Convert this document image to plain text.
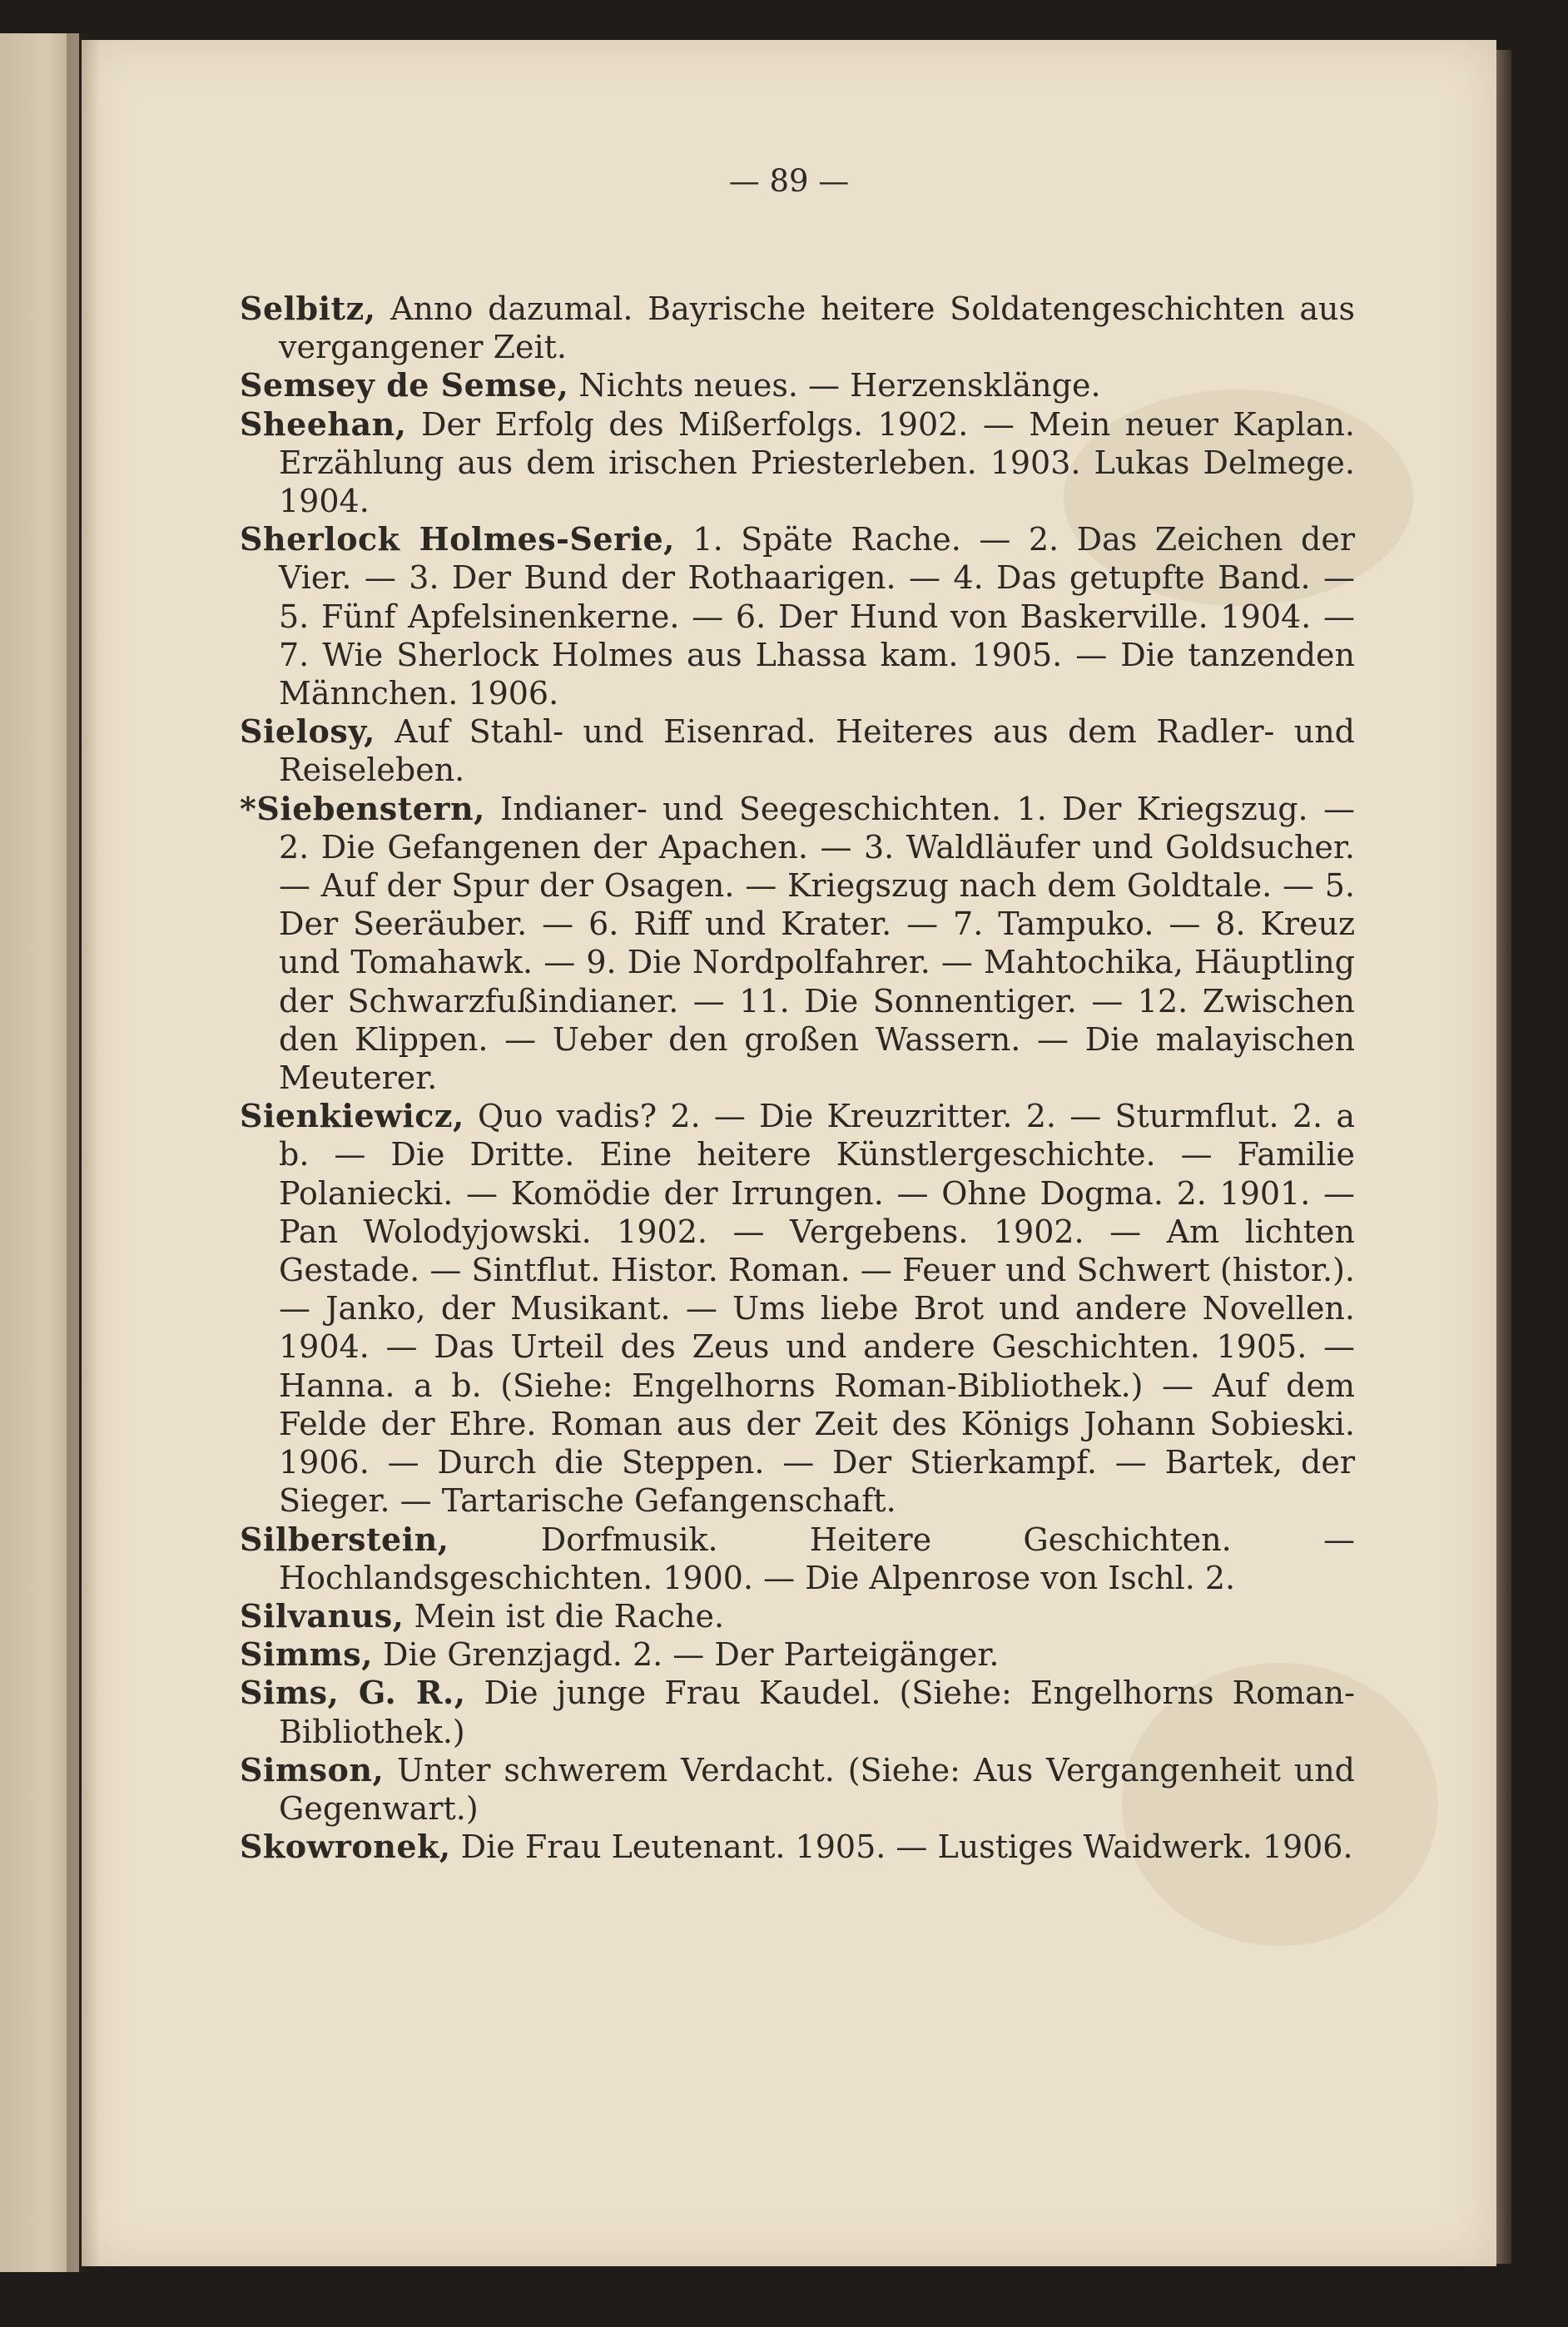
— 89 —

Selbitz, Anno dazumal. Bayrische heitere Soldatengeschichten aus vergangener Zeit.

Semsey de Semse, Nichts neues. — Herzensklänge.

Sheehan, Der Erfolg des Mißerfolgs. 1902. — Mein neuer Kaplan. Erzählung aus dem irischen Priesterleben. 1903. Lukas Delmege. 1904.

Sherlock Holmes-Serie, 1. Späte Rache. — 2. Das Zeichen der Vier. — 3. Der Bund der Rothaarigen. — 4. Das getupfte Band. — 5. Fünf Apfelsinenkerne. — 6. Der Hund von Baskerville. 1904. — 7. Wie Sherlock Holmes aus Lhassa kam. 1905. — Die tanzenden Männchen. 1906.

Sielosy, Auf Stahl- und Eisenrad. Heiteres aus dem Radler- und Reiseleben.

*Siebenstern, Indianer- und Seegeschichten. 1. Der Kriegszug. — 2. Die Gefangenen der Apachen. — 3. Waldläufer und Goldsucher. — Auf der Spur der Osagen. — Kriegszug nach dem Goldtale. — 5. Der Seeräuber. — 6. Riff und Krater. — 7. Tampuko. — 8. Kreuz und Tomahawk. — 9. Die Nordpolfahrer. — Mahtochika, Häuptling der Schwarzfußindianer. — 11. Die Sonnentiger. — 12. Zwischen den Klippen. — Ueber den großen Wassern. — Die malayischen Meuterer.

Sienkiewicz, Quo vadis? 2. — Die Kreuzritter. 2. — Sturmflut. 2. a b. — Die Dritte. Eine heitere Künstlergeschichte. — Familie Polaniecki. — Komödie der Irrungen. — Ohne Dogma. 2. 1901. — Pan Wolodyjowski. 1902. — Vergebens. 1902. — Am lichten Gestade. — Sintflut. Histor. Roman. — Feuer und Schwert (histor.). — Janko, der Musikant. — Ums liebe Brot und andere Novellen. 1904. — Das Urteil des Zeus und andere Geschichten. 1905. — Hanna. a b. (Siehe: Engelhorns Roman-Bibliothek.) — Auf dem Felde der Ehre. Roman aus der Zeit des Königs Johann Sobieski. 1906. — Durch die Steppen. — Der Stierkampf. — Bartek, der Sieger. — Tartarische Gefangenschaft.

Silberstein, Dorfmusik. Heitere Geschichten. — Hochlandsgeschichten. 1900. — Die Alpenrose von Ischl. 2.

Silvanus, Mein ist die Rache.

Simms, Die Grenzjagd. 2. — Der Parteigänger.

Sims, G. R., Die junge Frau Kaudel. (Siehe: Engelhorns Roman-Bibliothek.)

Simson, Unter schwerem Verdacht. (Siehe: Aus Vergangenheit und Gegenwart.)

Skowronek, Die Frau Leutenant. 1905. — Lustiges Waidwerk. 1906.
